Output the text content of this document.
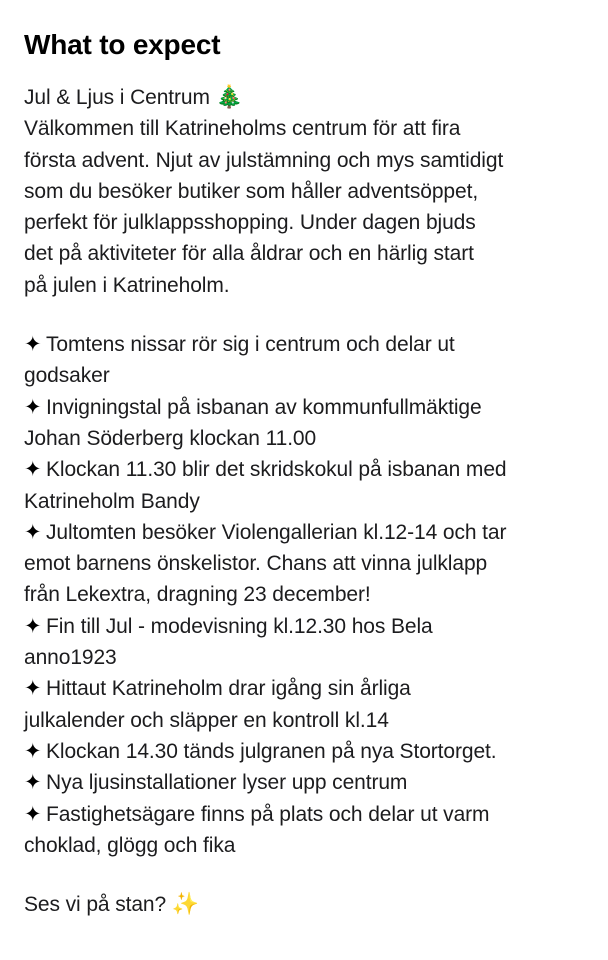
What to expect
Jul & Ljus i Centrum 🎄
Välkommen till Katrineholms centrum för att fira
första advent. Njut av julstämning och mys samtidigt
som du besöker butiker som håller adventsöppet,
perfekt för julklappsshopping. Under dagen bjuds
det på aktiviteter för alla åldrar och en härlig start
på julen i Katrineholm.
✦ Tomtens nissar rör sig i centrum och delar ut
godsaker
✦ Invigningstal på isbanan av kommunfullmäktige
Johan Söderberg klockan 11.00
✦ Klockan 11.30 blir det skridskokul på isbanan med
Katrineholm Bandy
✦ Jultomten besöker Violengallerian kl.12-14 och tar
emot barnens önskelistor. Chans att vinna julklapp
från Lekextra, dragning 23 december!
✦ Fin till Jul - modevisning kl.12.30 hos Bela
anno1923
✦ Hittaut Katrineholm drar igång sin årliga
julkalender och släpper en kontroll kl.14
✦ Klockan 14.30 tänds julgranen på nya Stortorget.
✦ Nya ljusinstallationer lyser upp centrum
✦ Fastighetsägare finns på plats och delar ut varm
choklad, glögg och fika
Ses vi på stan? ✨
